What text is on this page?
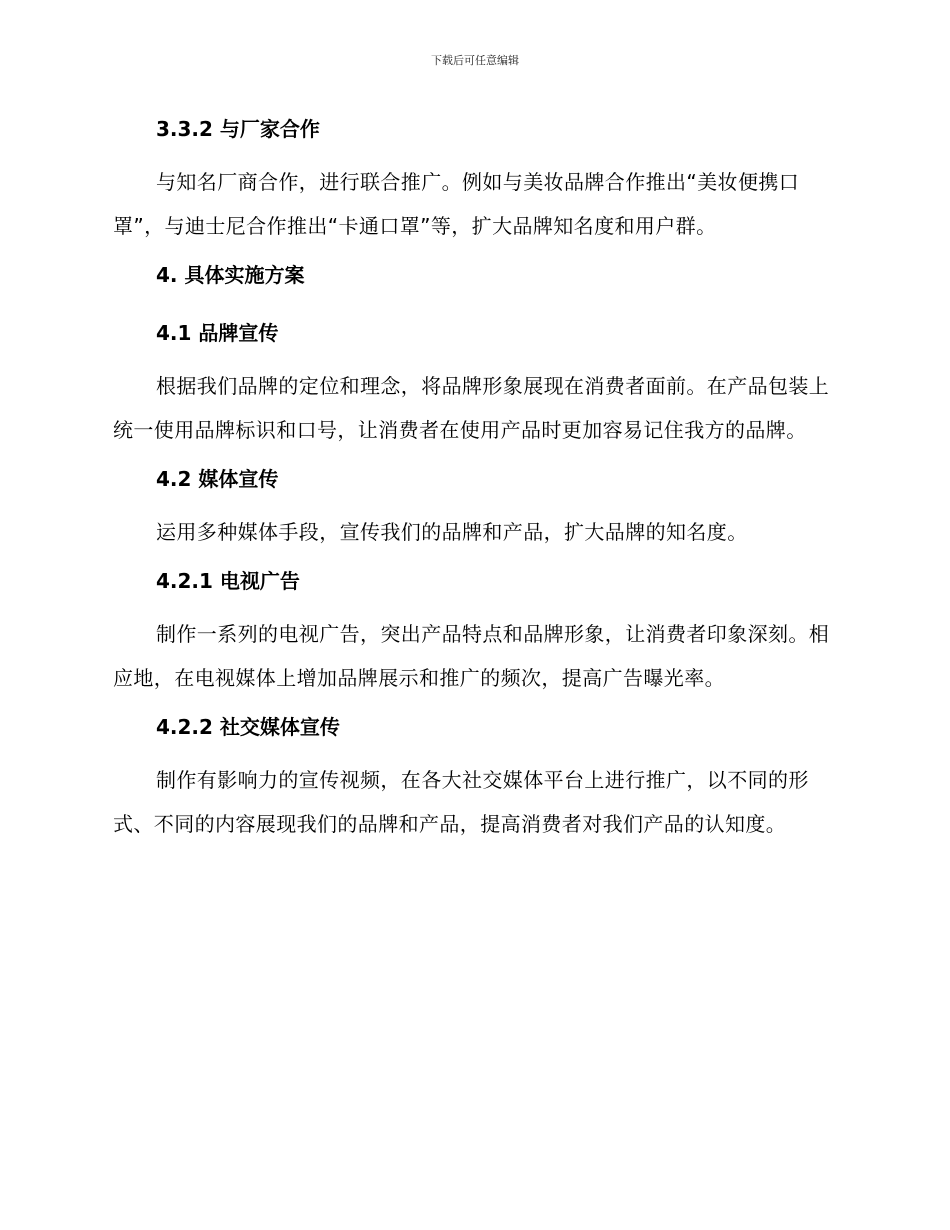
下载后可任意编辑
3.3.2 与厂家合作

与知名厂商合作，进行联合推广。例如与美妆品牌合作推出“美妆便携口罩”，与迪士尼合作推出“卡通口罩”等，扩大品牌知名度和用户群。

4. 具体实施方案
4.1 品牌宣传

根据我们品牌的定位和理念，将品牌形象展现在消费者面前。在产品包装上统一使用品牌标识和口号，让消费者在使用产品时更加容易记住我方的品牌。

4.2 媒体宣传

运用多种媒体手段，宣传我们的品牌和产品，扩大品牌的知名度。

4.2.1 电视广告

制作一系列的电视广告，突出产品特点和品牌形象，让消费者印象深刻。相应地，在电视媒体上增加品牌展示和推广的频次，提高广告曝光率。

4.2.2 社交媒体宣传

制作有影响力的宣传视频，在各大社交媒体平台上进行推广，以不同的形式、不同的内容展现我们的品牌和产品，提高消费者对我们产品的认知度。
